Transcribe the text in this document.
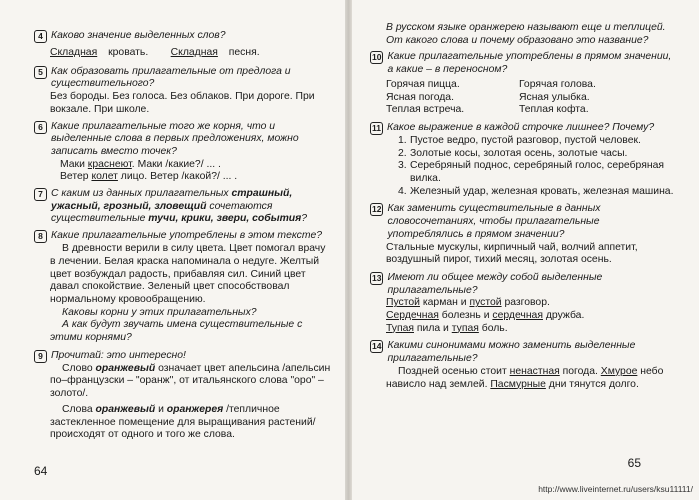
4 Каково значение выделенных слов?
Складная кровать. Складная песня.
5 Как образовать прилагательные от предлога и существительного?
Без бороды. Без голоса. Без облаков. При дороге. При вокзале. При школе.
6 Какие прилагательные того же корня, что и выделенные слова в первых предложениях, можно записать вместо точек?
Маки краснеют. Маки /какие?/ ... .
Ветер колет лицо. Ветер /какой?/ ... .
7 С каким из данных прилагательных страшный, ужасный, грозный, зловещий сочетаются существительные тучи, крики, звери, события?
8 Какие прилагательные употреблены в этом тексте?
В древности верили в силу цвета. Цвет помогал врачу в лечении. Белая краска напоминала о недуге. Желтый цвет возбуждал радость, прибавляя сил. Синий цвет давал спокойствие. Зеленый цвет способствовал нормальному кровообращению.
Каковы корни у этих прилагательных?
А как будут звучать имена существительные с этими корнями?
9 Прочитай: это интересно!
Слово оранжевый означает цвет апельсина /апельсин по–французски – "оранж", от итальянского слова "оро" – золото/.
Слова оранжевый и оранжерея /тепличное застекленное помещение для выращивания растений/ происходят от одного и того же слова.
64
В русском языке оранжерею называют еще и теплицей. От какого слова и почему образовано это название?
10 Какие прилагательные употреблены в прямом значении, а какие – в переносном?
Горячая пицца.	Горячая голова.
Ясная погода.	Ясная улыбка.
Теплая встреча.	Теплая кофта.
11 Какое выражение в каждой строчке лишнее? Почему?
1. Пустое ведро, пустой разговор, пустой человек.
2. Золотые косы, золотая осень, золотые часы.
3. Серебряный поднос, серебряный голос, серебряная вилка.
4. Железный удар, железная кровать, железная машина.
12 Как заменить существительные в данных словосочетаниях, чтобы прилагательные употреблялись в прямом значении?
Стальные мускулы, кирпичный чай, волчий аппетит, воздушный пирог, тихий месяц, золотая осень.
13 Имеют ли общее между собой выделенные прилагательные?
Пустой карман и пустой разговор.
Сердечная болезнь и сердечная дружба.
Тупая пила и тупая боль.
14 Какими синонимами можно заменить выделенные прилагательные?
Поздней осенью стоит ненастная погода. Хмурое небо нависло над землей. Пасмурные дни тянутся долго.
65
http://www.liveinternet.ru/users/ksu11111/
